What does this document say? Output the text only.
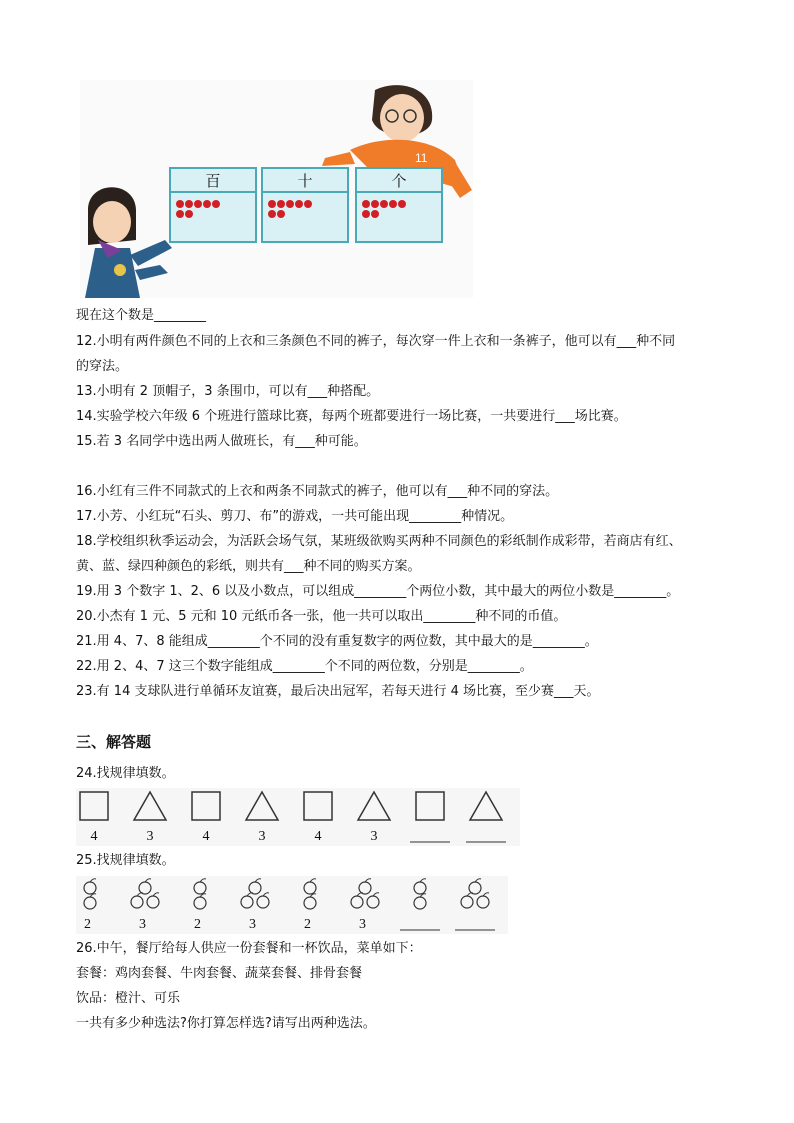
11
百	十	个
现在这个数是________
12.小明有两件颜色不同的上衣和三条颜色不同的裤子，每次穿一件上衣和一条裤子，他可以有___种不同
的穿法。
13.小明有 2 顶帽子，3 条围巾，可以有___种搭配。
14.实验学校六年级 6 个班进行篮球比赛，每两个班都要进行一场比赛，一共要进行___场比赛。
15.若 3 名同学中选出两人做班长，有___种可能。
16.小红有三件不同款式的上衣和两条不同款式的裤子，他可以有___种不同的穿法。
17.小芳、小红玩“石头、剪刀、布”的游戏，一共可能出现________种情况。
18.学校组织秋季运动会，为活跃会场气氛，某班级欲购买两种不同颜色的彩纸制作成彩带，若商店有红、
黄、蓝、绿四种颜色的彩纸，则共有___种不同的购买方案。
19.用 3 个数字 1、2、6 以及小数点，可以组成________个两位小数，其中最大的两位小数是________。
20.小杰有 1 元、5 元和 10 元纸币各一张，他一共可以取出________种不同的币值。
21.用 4、7、8 能组成________个不同的没有重复数字的两位数，其中最大的是________。
22.用 2、4、7 这三个数字能组成________个不同的两位数，分别是________。
23.有 14 支球队进行单循环友谊赛，最后决出冠军，若每天进行 4 场比赛，至少赛___天。
三、解答题
24.找规律填数。
4	3	4	3	4	3
25.找规律填数。
2	3	2	3	2	3
26.中午，餐厅给每人供应一份套餐和一杯饮品，菜单如下：
套餐：鸡肉套餐、牛肉套餐、蔬菜套餐、排骨套餐
饮品：橙汁、可乐
一共有多少种选法?你打算怎样选?请写出两种选法。
